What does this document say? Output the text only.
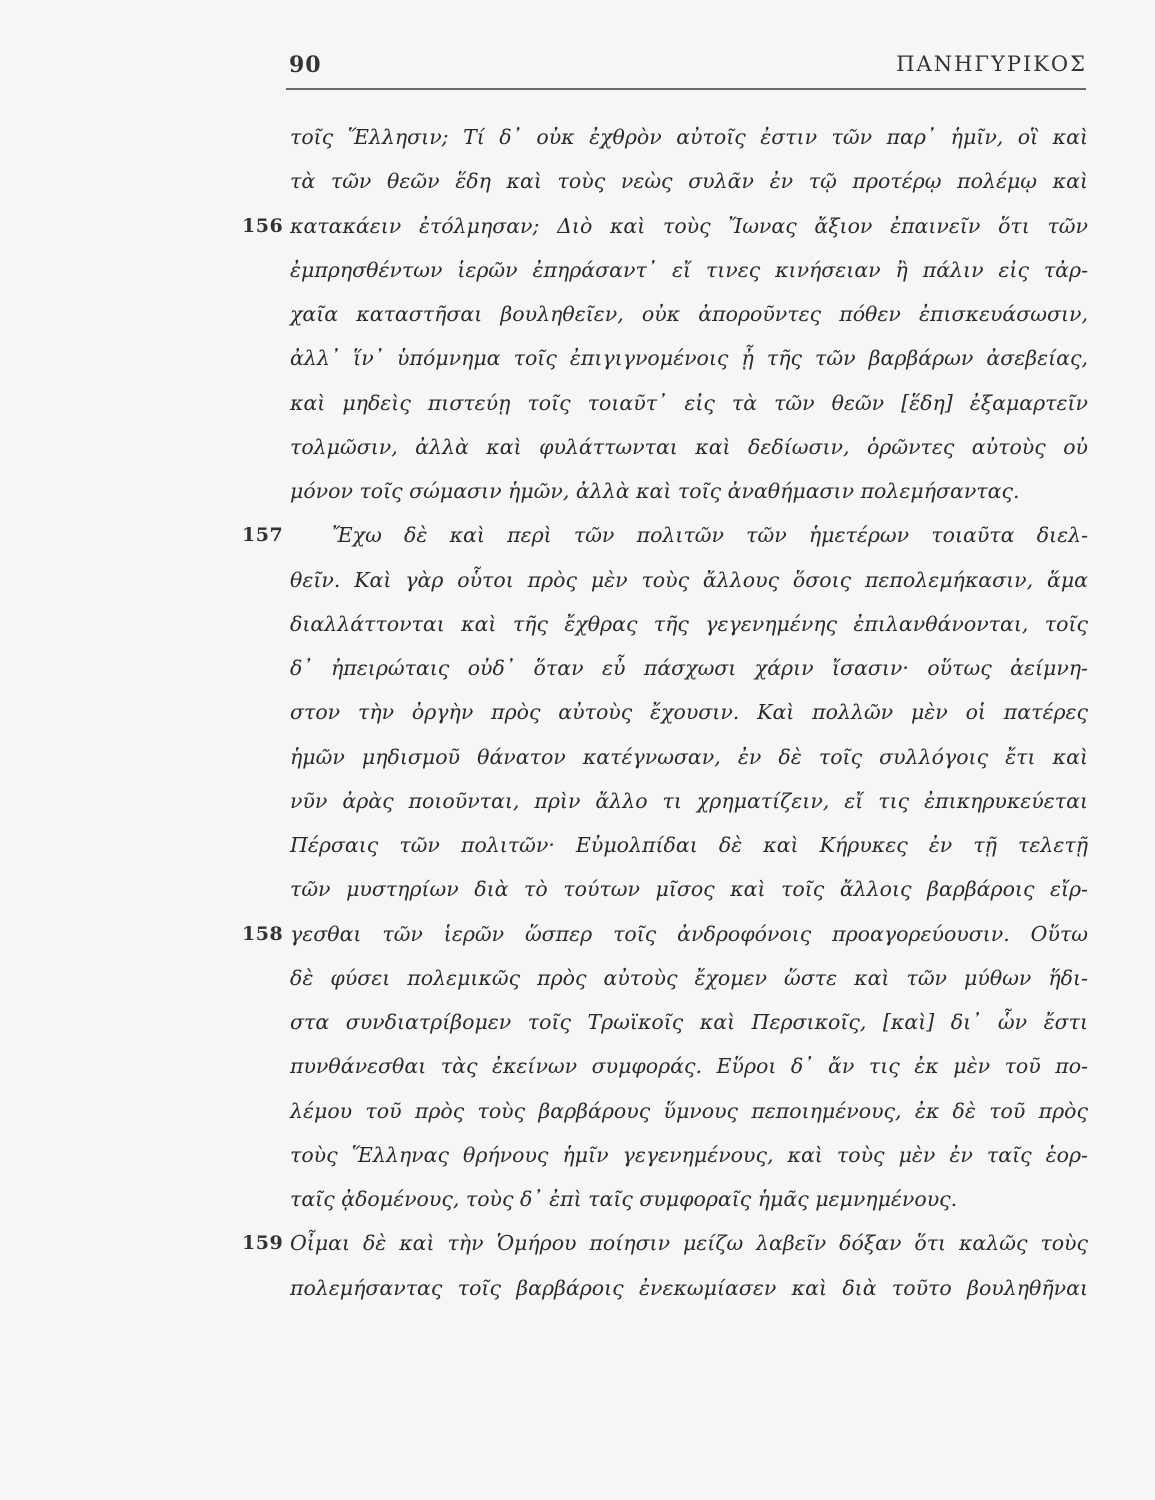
90	ΠΑΝΗΓΥΡΙΚΟΣ
τοῖς Ἕλλησιν; Τί δ᾽ οὐκ ἐχθρὸν αὐτοῖς ἐστιν τῶν παρ᾽ ἡμῖν, οἳ καὶ
τὰ τῶν θεῶν ἕδη καὶ τοὺς νεὼς συλᾶν ἐν τῷ προτέρῳ πολέμῳ καὶ
156 κατακάειν ἐτόλμησαν; Διὸ καὶ τοὺς Ἴωνας ἄξιον ἐπαινεῖν ὅτι τῶν
ἐμπρησθέντων ἱερῶν ἐπηράσαντ᾽ εἴ τινες κινήσειαν ἢ πάλιν εἰς τἀρ-
χαῖα καταστῆσαι βουληθεῖεν, οὐκ ἀποροῦντες πόθεν ἐπισκευάσωσιν,
ἀλλ᾽ ἵν᾽ ὑπόμνημα τοῖς ἐπιγιγνομένοις ᾖ τῆς τῶν βαρβάρων ἀσεβείας,
καὶ μηδεὶς πιστεύῃ τοῖς τοιαῦτ᾽ εἰς τὰ τῶν θεῶν [ἕδη] ἐξαμαρτεῖν
τολμῶσιν, ἀλλὰ καὶ φυλάττωνται καὶ δεδίωσιν, ὁρῶντες αὐτοὺς οὐ
μόνον τοῖς σώμασιν ἡμῶν, ἀλλὰ καὶ τοῖς ἀναθήμασιν πολεμήσαντας.
157 Ἔχω δὲ καὶ περὶ τῶν πολιτῶν τῶν ἡμετέρων τοιαῦτα διελ-
θεῖν. Καὶ γὰρ οὗτοι πρὸς μὲν τοὺς ἄλλους ὅσοις πεπολεμήκασιν, ἅμα
διαλλάττονται καὶ τῆς ἔχθρας τῆς γεγενημένης ἐπιλανθάνονται, τοῖς
δ᾽ ἠπειρώταις οὐδ᾽ ὅταν εὖ πάσχωσι χάριν ἴσασιν· οὕτως ἀείμνη-
στον τὴν ὀργὴν πρὸς αὐτοὺς ἔχουσιν. Καὶ πολλῶν μὲν οἱ πατέρες
ἡμῶν μηδισμοῦ θάνατον κατέγνωσαν, ἐν δὲ τοῖς συλλόγοις ἔτι καὶ
νῦν ἀρὰς ποιοῦνται, πρὶν ἄλλο τι χρηματίζειν, εἴ τις ἐπικηρυκεύεται
Πέρσαις τῶν πολιτῶν· Εὐμολπίδαι δὲ καὶ Κήρυκες ἐν τῇ τελετῇ
τῶν μυστηρίων διὰ τὸ τούτων μῖσος καὶ τοῖς ἄλλοις βαρβάροις εἴρ-
158 γεσθαι τῶν ἱερῶν ὥσπερ τοῖς ἀνδροφόνοις προαγορεύουσιν. Οὕτω
δὲ φύσει πολεμικῶς πρὸς αὐτοὺς ἔχομεν ὥστε καὶ τῶν μύθων ἥδι-
στα συνδιατρίβομεν τοῖς Τρωϊκοῖς καὶ Περσικοῖς, [καὶ] δι᾽ ὧν ἔστι
πυνθάνεσθαι τὰς ἐκείνων συμφοράς. Εὕροι δ᾽ ἄν τις ἐκ μὲν τοῦ πο-
λέμου τοῦ πρὸς τοὺς βαρβάρους ὕμνους πεποιημένους, ἐκ δὲ τοῦ πρὸς
τοὺς Ἕλληνας θρήνους ἡμῖν γεγενημένους, καὶ τοὺς μὲν ἐν ταῖς ἑορ-
ταῖς ᾀδομένους, τοὺς δ᾽ ἐπὶ ταῖς συμφοραῖς ἡμᾶς μεμνημένους.
159 Οἶμαι δὲ καὶ τὴν Ὁμήρου ποίησιν μείζω λαβεῖν δόξαν ὅτι καλῶς τοὺς
πολεμήσαντας τοῖς βαρβάροις ἐνεκωμίασεν καὶ διὰ τοῦτο βουληθῆναι
